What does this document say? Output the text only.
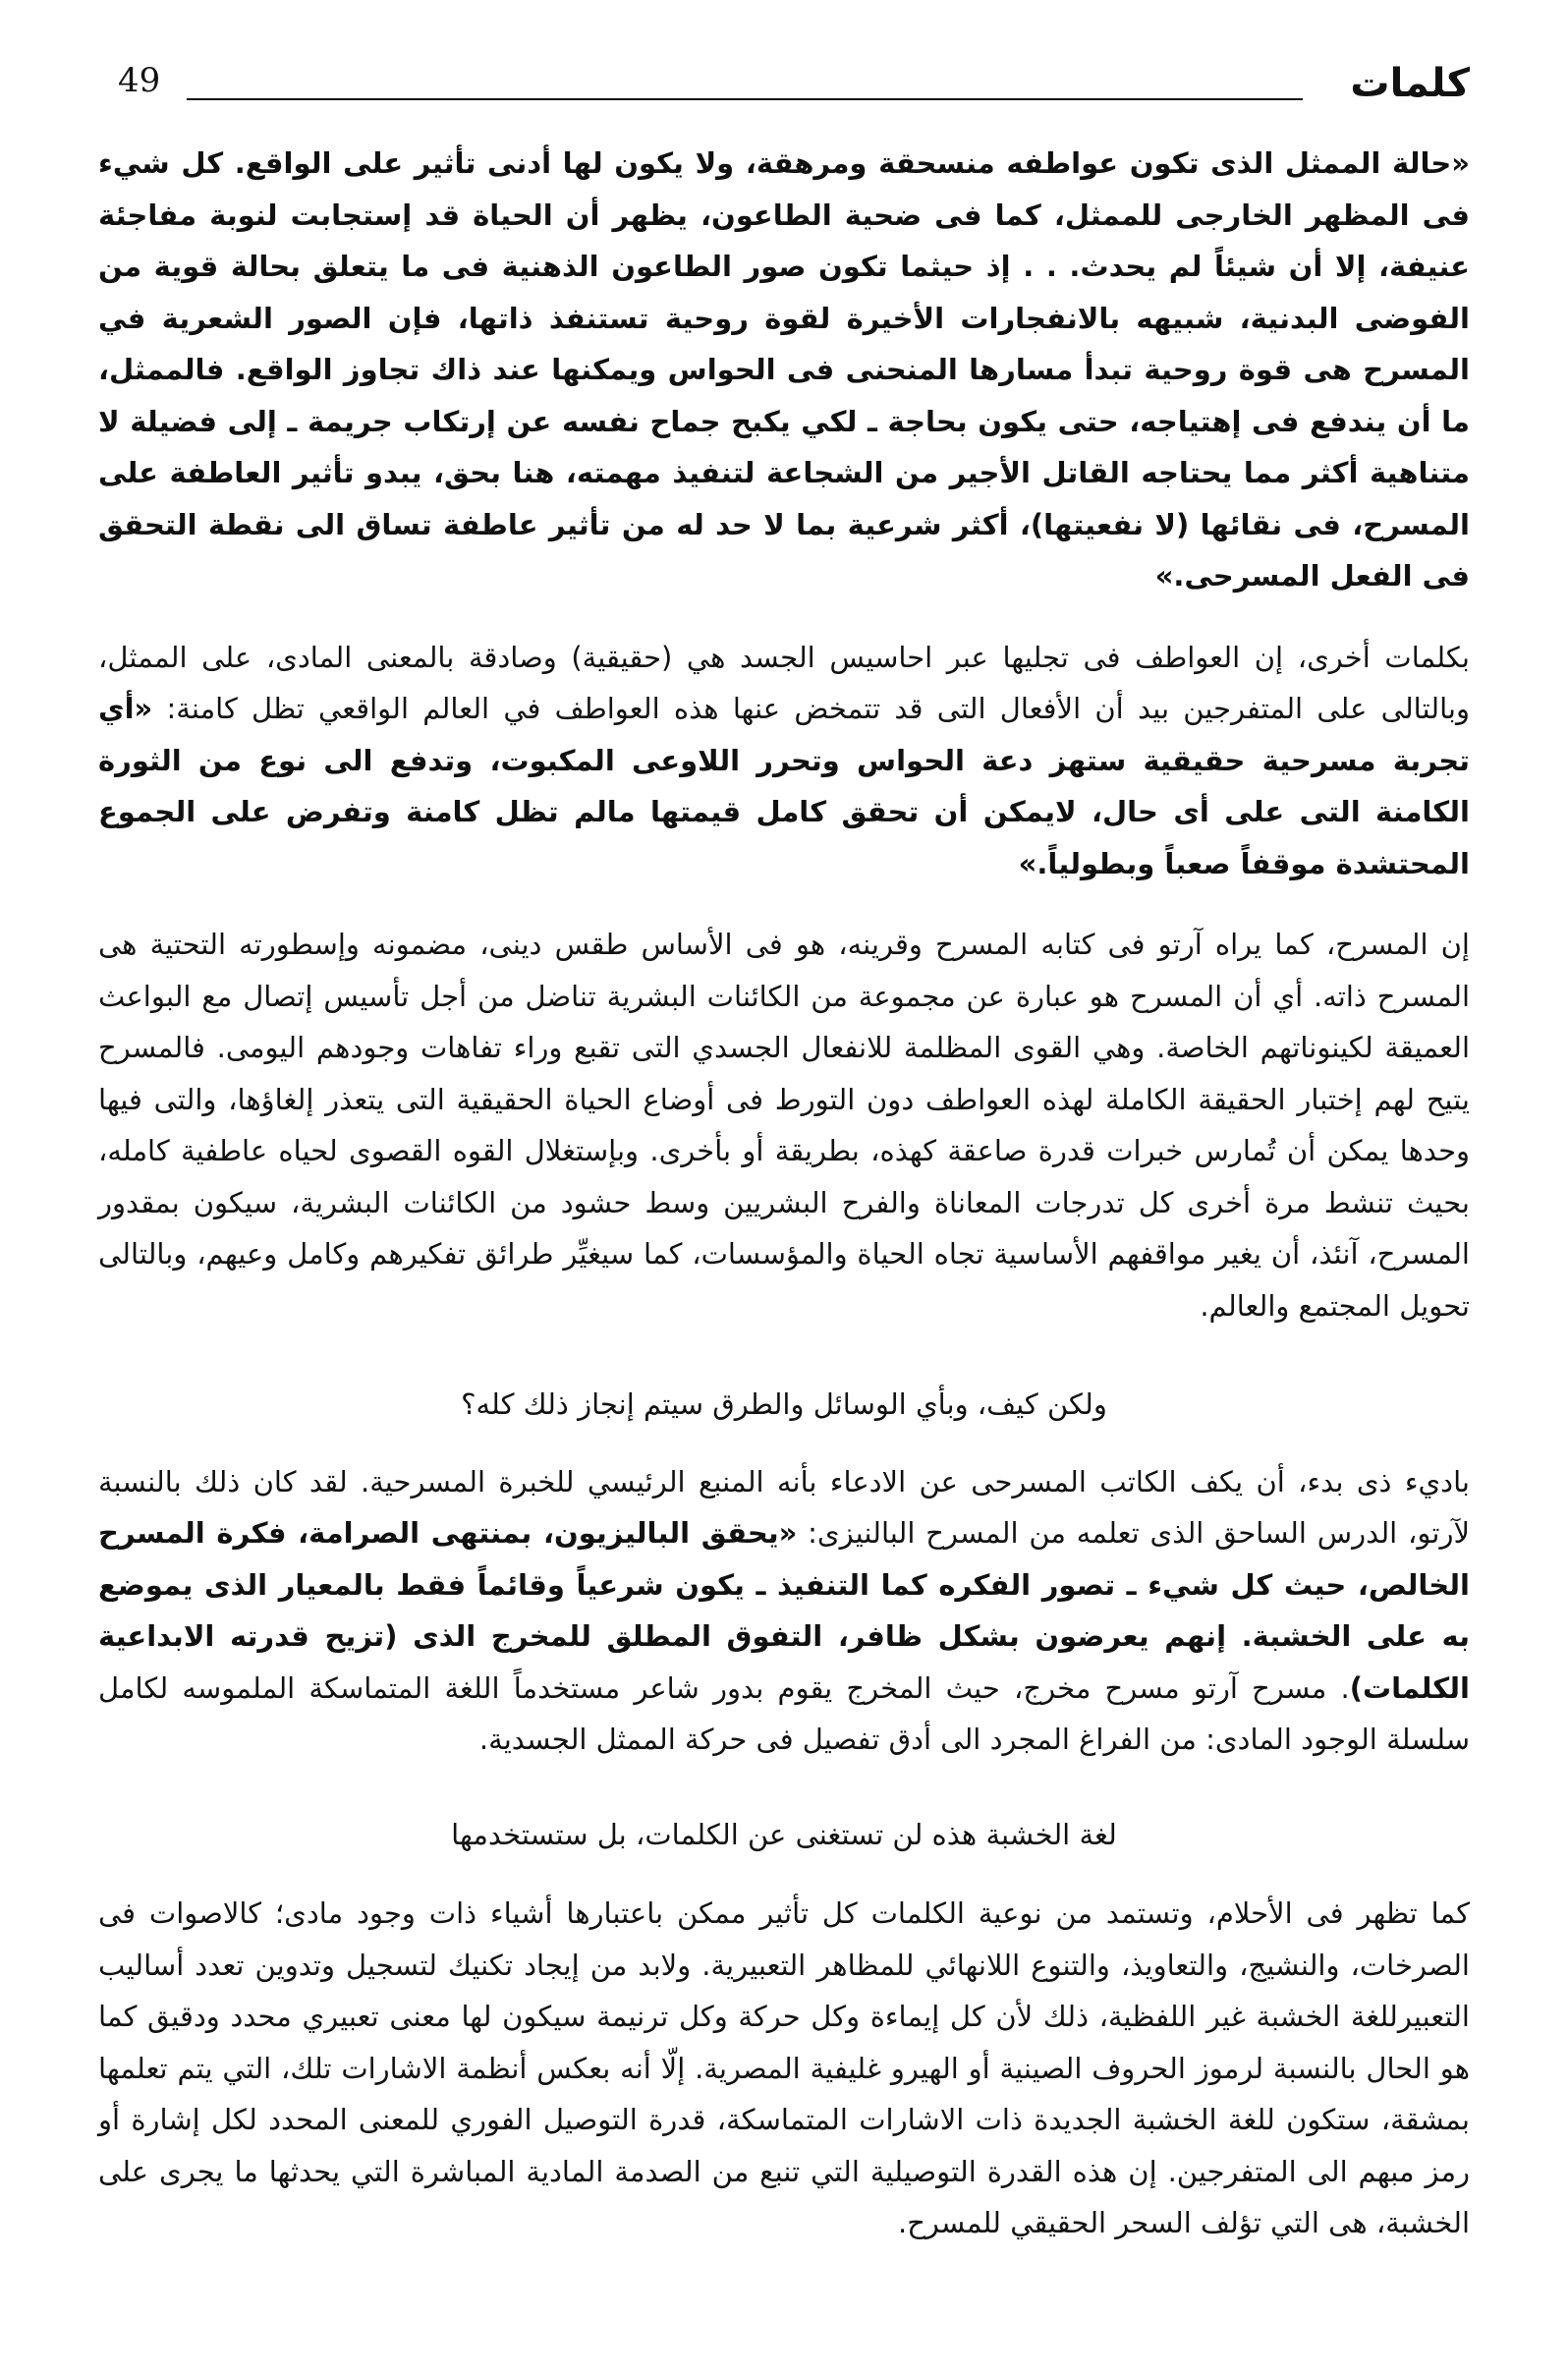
49	كلمات

«حالة الممثل الذى تكون عواطفه منسحقة ومرهقة، ولا يكون لها أدنى تأثير على الواقع. كل شيء فى المظهر الخارجى للممثل، كما فى ضحية الطاعون، يظهر أن الحياة قد إستجابت لنوبة مفاجئة عنيفة، إلا أن شيئاً لم يحدث. . . إذ حيثما تكون صور الطاعون الذهنية فى ما يتعلق بحالة قوية من الفوضى البدنية، شبيهه بالانفجارات الأخيرة لقوة روحية تستنفذ ذاتها، فإن الصور الشعرية في المسرح هى قوة روحية تبدأ مسارها المنحنى فى الحواس ويمكنها عند ذاك تجاوز الواقع. فالممثل، ما أن يندفع فى إهتياجه، حتى يكون بحاجة ـ لكي يكبح جماح نفسه عن إرتكاب جريمة ـ إلى فضيلة لا متناهية أكثر مما يحتاجه القاتل الأجير من الشجاعة لتنفيذ مهمته، هنا بحق، يبدو تأثير العاطفة على المسرح، فى نقائها (لا نفعيتها)، أكثر شرعية بما لا حد له من تأثير عاطفة تساق الى نقطة التحقق فى الفعل المسرحى.»

بكلمات أخرى، إن العواطف فى تجليها عبر احاسيس الجسد هي (حقيقية) وصادقة بالمعنى المادى، على الممثل، وبالتالى على المتفرجين بيد أن الأفعال التى قد تتمخض عنها هذه العواطف في العالم الواقعي تظل كامنة: «أي تجربة مسرحية حقيقية ستهز دعة الحواس وتحرر اللاوعى المكبوت، وتدفع الى نوع من الثورة الكامنة التى على أى حال، لايمكن أن تحقق كامل قيمتها مالم تظل كامنة وتفرض على الجموع المحتشدة موقفاً صعباً وبطولياً.»

إن المسرح، كما يراه آرتو فى كتابه المسرح وقرينه، هو فى الأساس طقس دينى، مضمونه وإسطورته التحتية هى المسرح ذاته. أي أن المسرح هو عبارة عن مجموعة من الكائنات البشرية تناضل من أجل تأسيس إتصال مع البواعث العميقة لكينوناتهم الخاصة. وهي القوى المظلمة للانفعال الجسدي التى تقبع وراء تفاهات وجودهم اليومى. فالمسرح يتيح لهم إختبار الحقيقة الكاملة لهذه العواطف دون التورط فى أوضاع الحياة الحقيقية التى يتعذر إلغاؤها، والتى فيها وحدها يمكن أن تُمارس خبرات قدرة صاعقة كهذه، بطريقة أو بأخرى. وبإستغلال القوه القصوى لحياه عاطفية كامله، بحيث تنشط مرة أخرى كل تدرجات المعاناة والفرح البشريين وسط حشود من الكائنات البشرية، سيكون بمقدور المسرح، آنئذ، أن يغير مواقفهم الأساسية تجاه الحياة والمؤسسات، كما سيغيِّر طرائق تفكيرهم وكامل وعيهم، وبالتالى تحويل المجتمع والعالم.

ولكن كيف، وبأي الوسائل والطرق سيتم إنجاز ذلك كله؟

باديء ذى بدء، أن يكف الكاتب المسرحى عن الادعاء بأنه المنبع الرئيسي للخبرة المسرحية. لقد كان ذلك بالنسبة لآرتو، الدرس الساحق الذى تعلمه من المسرح البالنيزى: «يحقق الباليزيون، بمنتهى الصرامة، فكرة المسرح الخالص، حيث كل شيء ـ تصور الفكره كما التنفيذ ـ يكون شرعياً وقائماً فقط بالمعيار الذى يموضع به على الخشبة. إنهم يعرضون بشكل ظافر، التفوق المطلق للمخرج الذى (تزيح قدرته الابداعية الكلمات). مسرح آرتو مسرح مخرج، حيث المخرج يقوم بدور شاعر مستخدماً اللغة المتماسكة الملموسه لكامل سلسلة الوجود المادى: من الفراغ المجرد الى أدق تفصيل فى حركة الممثل الجسدية.

لغة الخشبة هذه لن تستغنى عن الكلمات، بل ستستخدمها

كما تظهر فى الأحلام، وتستمد من نوعية الكلمات كل تأثير ممكن باعتبارها أشياء ذات وجود مادى؛ كالاصوات فى الصرخات، والنشيج، والتعاويذ، والتنوع اللانهائي للمظاهر التعبيرية. ولابد من إيجاد تكنيك لتسجيل وتدوين تعدد أساليب التعبيرللغة الخشبة غير اللفظية، ذلك لأن كل إيماءة وكل حركة وكل ترنيمة سيكون لها معنى تعبيري محدد ودقيق كما هو الحال بالنسبة لرموز الحروف الصينية أو الهيرو غليفية المصرية. إلّا أنه بعكس أنظمة الاشارات تلك، التي يتم تعلمها بمشقة، ستكون للغة الخشبة الجديدة ذات الاشارات المتماسكة، قدرة التوصيل الفوري للمعنى المحدد لكل إشارة أو رمز مبهم الى المتفرجين. إن هذه القدرة التوصيلية التي تنبع من الصدمة المادية المباشرة التي يحدثها ما يجرى على الخشبة، هى التي تؤلف السحر الحقيقي للمسرح.
